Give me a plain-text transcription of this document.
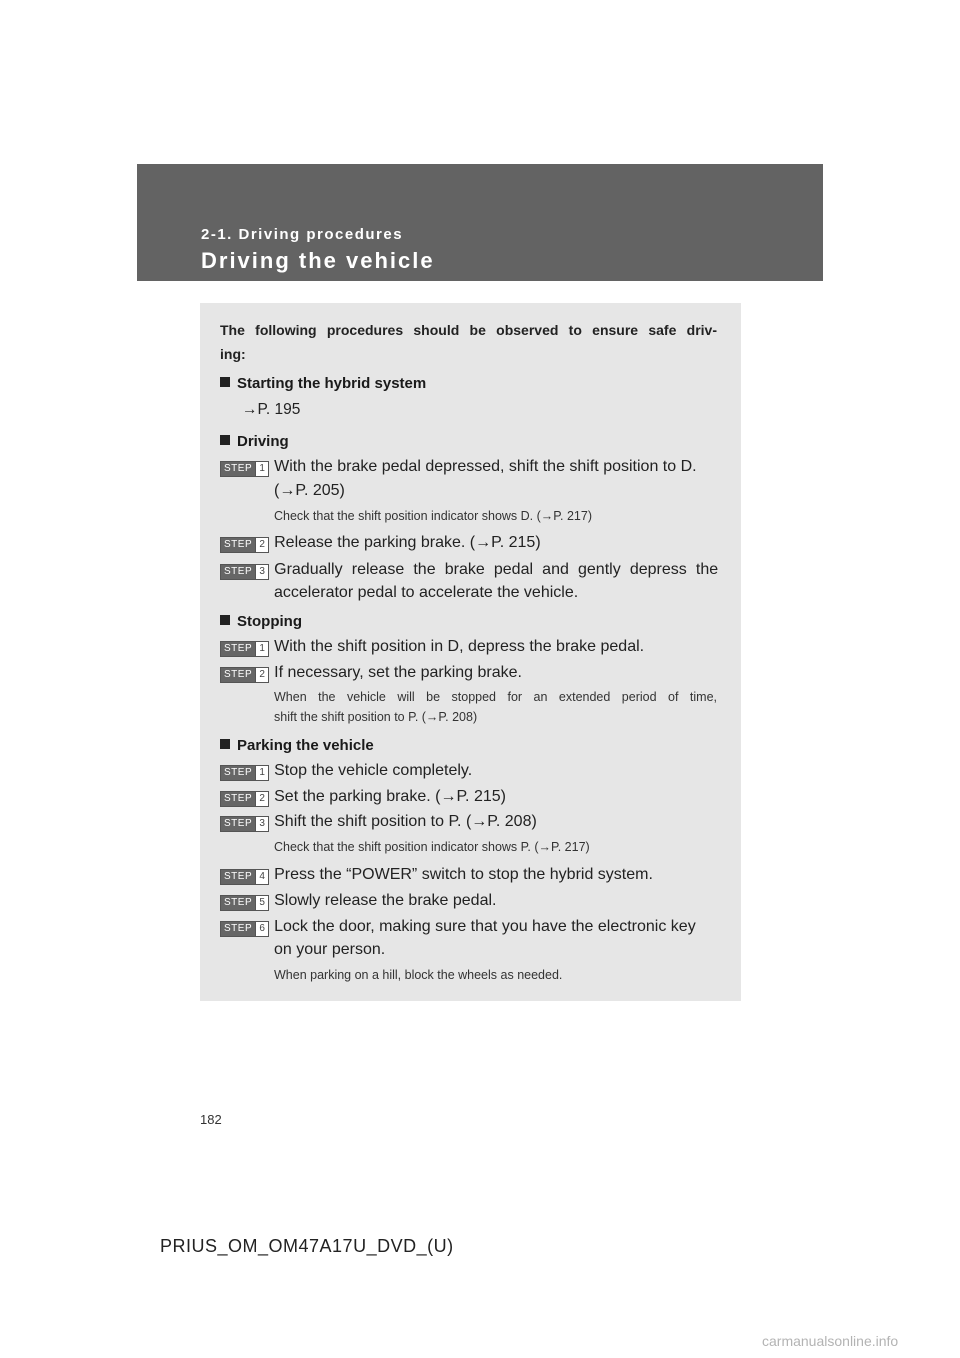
2-1. Driving procedures
Driving the vehicle
The following procedures should be observed to ensure safe driv-
ing:
Starting the hybrid system
→P. 195
Driving
STEP 1 With the brake pedal depressed, shift the shift position to D.
(→P. 205)
Check that the shift position indicator shows D. (→P. 217)
STEP 2 Release the parking brake. (→P. 215)
STEP 3 Gradually release the brake pedal and gently depress the
accelerator pedal to accelerate the vehicle.
Stopping
STEP 1 With the shift position in D, depress the brake pedal.
STEP 2 If necessary, set the parking brake.
When the vehicle will be stopped for an extended period of time,
shift the shift position to P. (→P. 208)
Parking the vehicle
STEP 1 Stop the vehicle completely.
STEP 2 Set the parking brake. (→P. 215)
STEP 3 Shift the shift position to P. (→P. 208)
Check that the shift position indicator shows P. (→P. 217)
STEP 4 Press the “POWER” switch to stop the hybrid system.
STEP 5 Slowly release the brake pedal.
STEP 6 Lock the door, making sure that you have the electronic key
on your person.
When parking on a hill, block the wheels as needed.
182
PRIUS_OM_OM47A17U_DVD_(U)
carmanualsonline.info
